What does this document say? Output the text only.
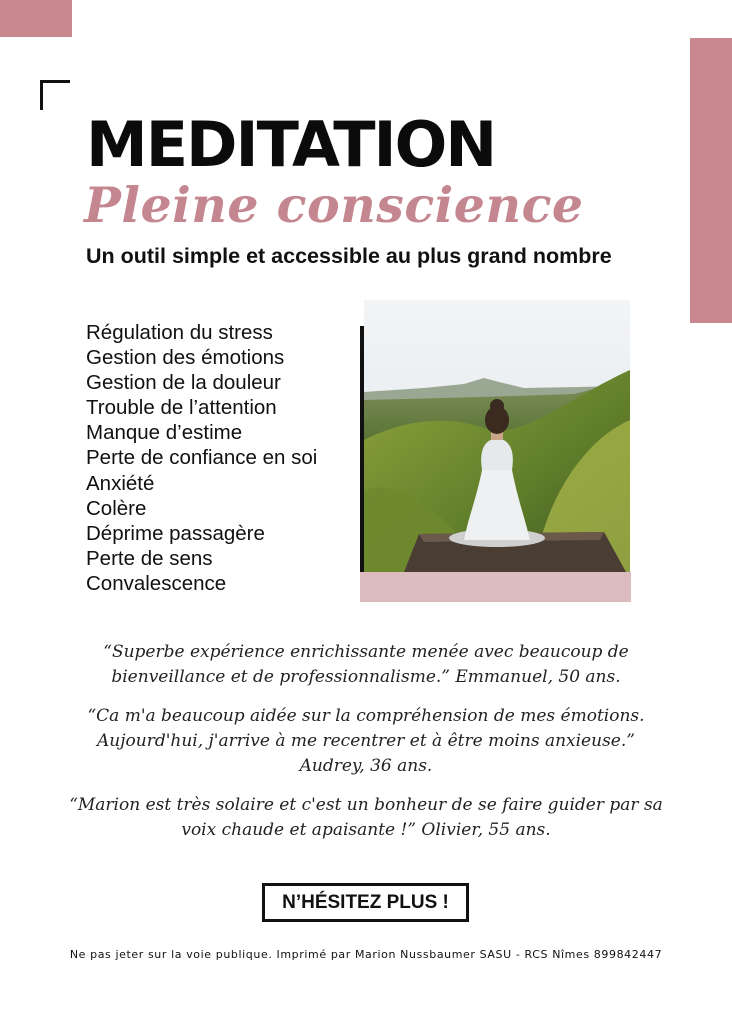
MEDITATION
Pleine conscience

Un outil simple et accessible au plus grand nombre

Régulation du stress
Gestion des émotions
Gestion de la douleur
Trouble de l’attention
Manque d’estime
Perte de confiance en soi
Anxiété
Colère
Déprime passagère
Perte de sens
Convalescence

“Superbe expérience enrichissante menée avec beaucoup de
bienveillance et de professionnalisme.” Emmanuel, 50 ans.

“Ca m'a beaucoup aidée sur la compréhension de mes émotions.
Aujourd'hui, j'arrive à me recentrer et à être moins anxieuse.”
Audrey, 36 ans.

“Marion est très solaire et c'est un bonheur de se faire guider par sa
voix chaude et apaisante !” Olivier, 55 ans.

N’HÉSITEZ PLUS !
Ne pas jeter sur la voie publique. Imprimé par Marion Nussbaumer SASU - RCS Nîmes 899842447
